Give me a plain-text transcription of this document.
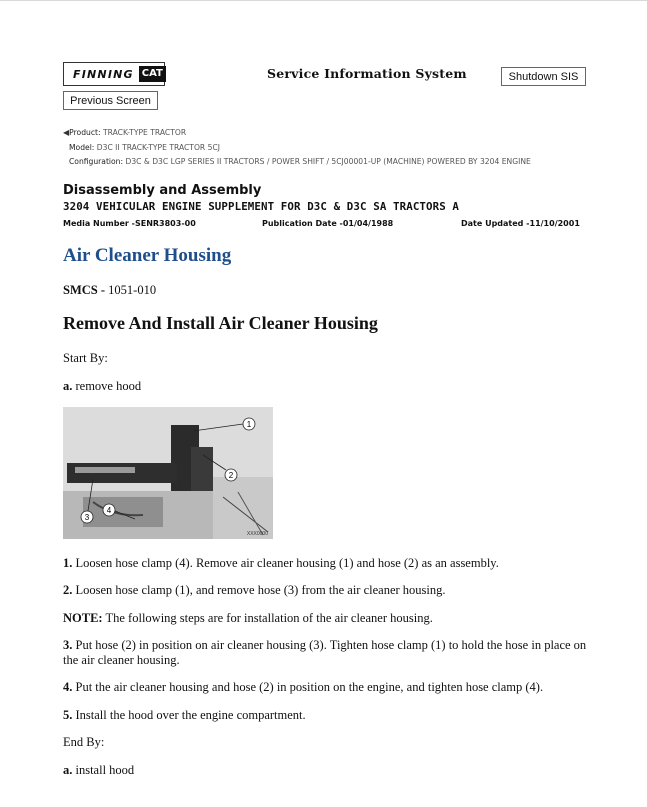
FINNING CAT	Service Information System	Shutdown SIS
Previous Screen
◀Product: TRACK-TYPE TRACTOR
Model: D3C II TRACK-TYPE TRACTOR 5CJ
Configuration: D3C & D3C LGP SERIES II TRACTORS / POWER SHIFT / 5CJ00001-UP (MACHINE) POWERED BY 3204 ENGINE
Disassembly and Assembly
3204 VEHICULAR ENGINE SUPPLEMENT FOR D3C & D3C SA TRACTORS A
Media Number -SENR3803-00	Publication Date -01/04/1988	Date Updated -11/10/2001
Air Cleaner Housing
SMCS - 1051-010
Remove And Install Air Cleaner Housing
Start By:
a. remove hood
1
2
3
4
XXX0000
1. Loosen hose clamp (4). Remove air cleaner housing (1) and hose (2) as an assembly.
2. Loosen hose clamp (1), and remove hose (3) from the air cleaner housing.
NOTE: The following steps are for installation of the air cleaner housing.
3. Put hose (2) in position on air cleaner housing (3). Tighten hose clamp (1) to hold the hose in place on the air cleaner housing.
4. Put the air cleaner housing and hose (2) in position on the engine, and tighten hose clamp (4).
5. Install the hood over the engine compartment.
End By:
a. install hood
